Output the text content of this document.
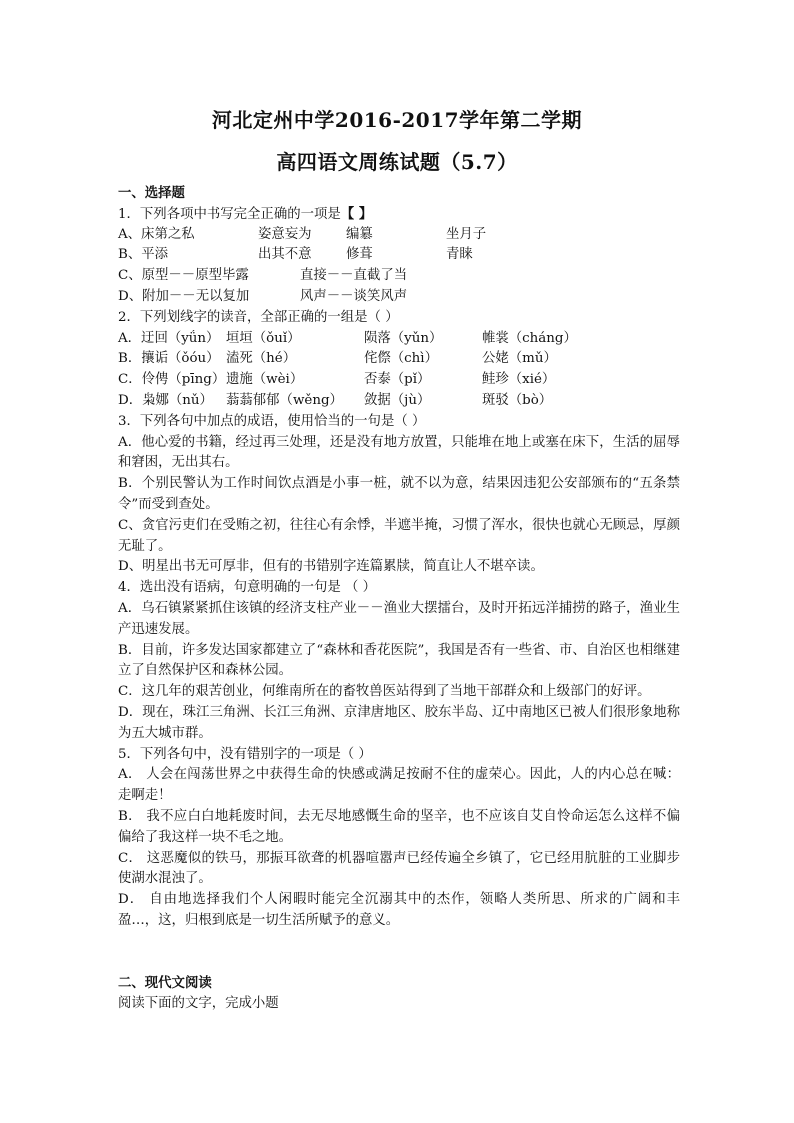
河北定州中学2016-2017学年第二学期
高四语文周练试题（5.7）
一、选择题
1．下列各项中书写完全正确的一项是【 】
A、床第之私	姿意妄为	编簒	坐月子
B、平添	出其不意	修葺	青睐
C、原型－－原型毕露	直接－－直截了当
D、附加－－无以复加	风声－－谈笑风声
2．下列划线字的读音，全部正确的一组是（ ）
A．迂回（yǘn） 垣垣（ǒuǐ）	陨落（yǔn）	帷裳（cháng）
B．攘诟（ǒóu） 溘死（hé）	侘傺（chì）	公姥（mǔ）
C．伶俜（pīng） 遗施（wèi）	否泰（pǐ）	鲑珍（xié）
D．枭娜（nǔ） 蓊蓊郁郁（wěng）	敛据（jù）	斑驳（bò）
3．下列各句中加点的成语，使用恰当的一句是（ ）
A．他心爱的书籍，经过再三处理，还是没有地方放置，只能堆在地上或塞在床下，生活的屈辱和窘困，无出其右。
B．个别民警认为工作时间饮点酒是小事一桩，就不以为意，结果因违犯公安部颁布的“五条禁令”而受到查处。
C、贪官污吏们在受贿之初，往往心有余悸，半遮半掩，习惯了浑水，很快也就心无顾忌，厚颜无耻了。
D、明星出书无可厚非，但有的书错别字连篇累牍，简直让人不堪卒读。
4．选出没有语病，句意明确的一句是 （ ）
A．乌石镇紧紧抓住该镇的经济支柱产业－－渔业大摆擂台，及时开拓远洋捕捞的路子，渔业生产迅速发展。
B．目前，许多发达国家都建立了“森林和香花医院”，我国是否有一些省、市、自治区也相继建立了自然保护区和森林公园。
C．这几年的艰苦创业，何维南所在的畜牧兽医站得到了当地干部群众和上级部门的好评。
D．现在，珠江三角洲、长江三角洲、京津唐地区、胶东半岛、辽中南地区已被人们很形象地称为五大城市群。
5．下列各句中，没有错别字的一项是（ ）
A． 人会在闯荡世界之中获得生命的快感或满足按耐不住的虚荣心。因此，人的内心总在喊：走啊走！
B． 我不应白白地耗废时间，去无尽地感慨生命的坚辛，也不应该自艾自怜命运怎么这样不偏偏给了我这样一块不毛之地。
C． 这恶魔似的铁马，那振耳欲聋的机器喧嚣声已经传遍全乡镇了，它已经用肮脏的工业脚步使湖水混浊了。
D． 自由地选择我们个人闲暇时能完全沉溺其中的杰作，领略人类所思、所求的广阔和丰盈…，这，归根到底是一切生活所赋予的意义。
二、现代文阅读
阅读下面的文字，完成小题
